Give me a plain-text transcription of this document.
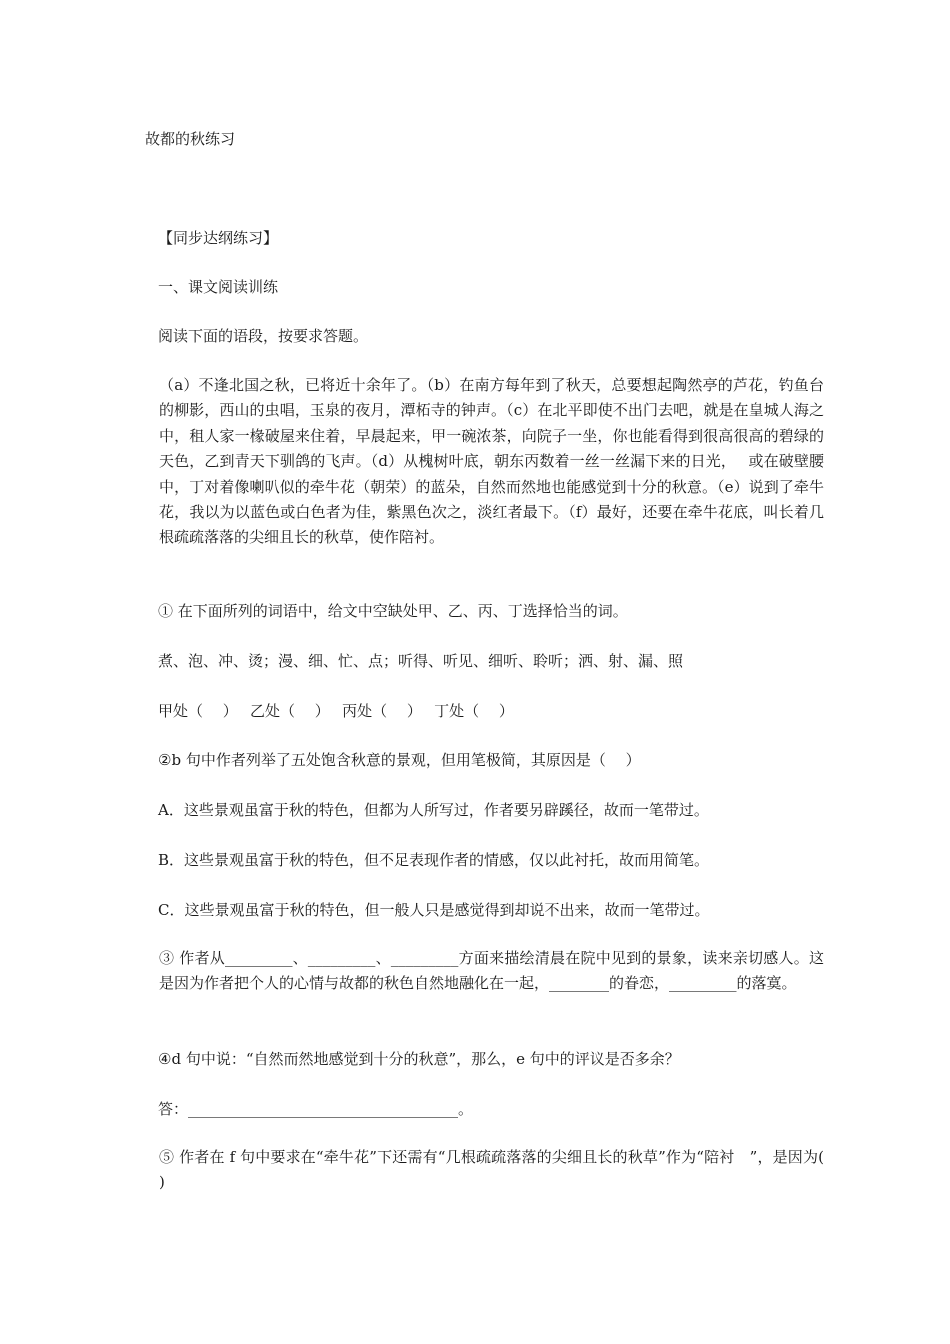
故都的秋练习
【同步达纲练习】
一、课文阅读训练
阅读下面的语段，按要求答题。
（a）不逢北国之秋，已将近十余年了。（b）在南方每年到了秋天，总要想起陶然亭的芦花，钓鱼台的柳影，西山的虫唱，玉泉的夜月，潭柘寺的钟声。（c）在北平即使不出门去吧，就是在皇城人海之中，租人家一椽破屋来住着，早晨起来，甲一碗浓茶，向院子一坐，你也能看得到很高很高的碧绿的天色，乙到青天下驯鸽的飞声。（d）从槐树叶底，朝东丙数着一丝一丝漏下来的日光，　 或在破壁腰中，丁对着像喇叭似的牵牛花（朝荣）的蓝朵，自然而然地也能感觉到十分的秋意。（e）说到了牵牛花，我以为以蓝色或白色者为佳，紫黑色次之，淡红者最下。（f）最好，还要在牵牛花底，叫长着几根疏疏落落的尖细且长的秋草，使作陪衬。
① 在下面所列的词语中，给文中空缺处甲、乙、丙、丁选择恰当的词。
煮、泡、冲、烫；漫、细、忙、点；听得、听见、细听、聆听；洒、射、漏、照
甲处（　 ）　 乙处（　 ）　 丙处（　 ）　 丁处（　 ）
②b 句中作者列举了五处饱含秋意的景观，但用笔极简，其原因是（　 ）
A．这些景观虽富于秋的特色，但都为人所写过，作者要另辟蹊径，故而一笔带过。
B．这些景观虽富于秋的特色，但不足表现作者的情感，仅以此衬托，故而用简笔。
C．这些景观虽富于秋的特色，但一般人只是感觉得到却说不出来，故而一笔带过。
③ 作者从_________、_________、_________方面来描绘清晨在院中见到的景象，读来亲切感人。这是因为作者把个人的心情与故都的秋色自然地融化在一起，________的眷恋，_________的落寞。
④d 句中说：“自然而然地感觉到十分的秋意”，那么，e 句中的评议是否多余？
答：____________________________________。
⑤ 作者在 f 句中要求在“牵牛花”下还需有“几根疏疏落落的尖细且长的秋草”作为“陪衬　”，是因为( )
